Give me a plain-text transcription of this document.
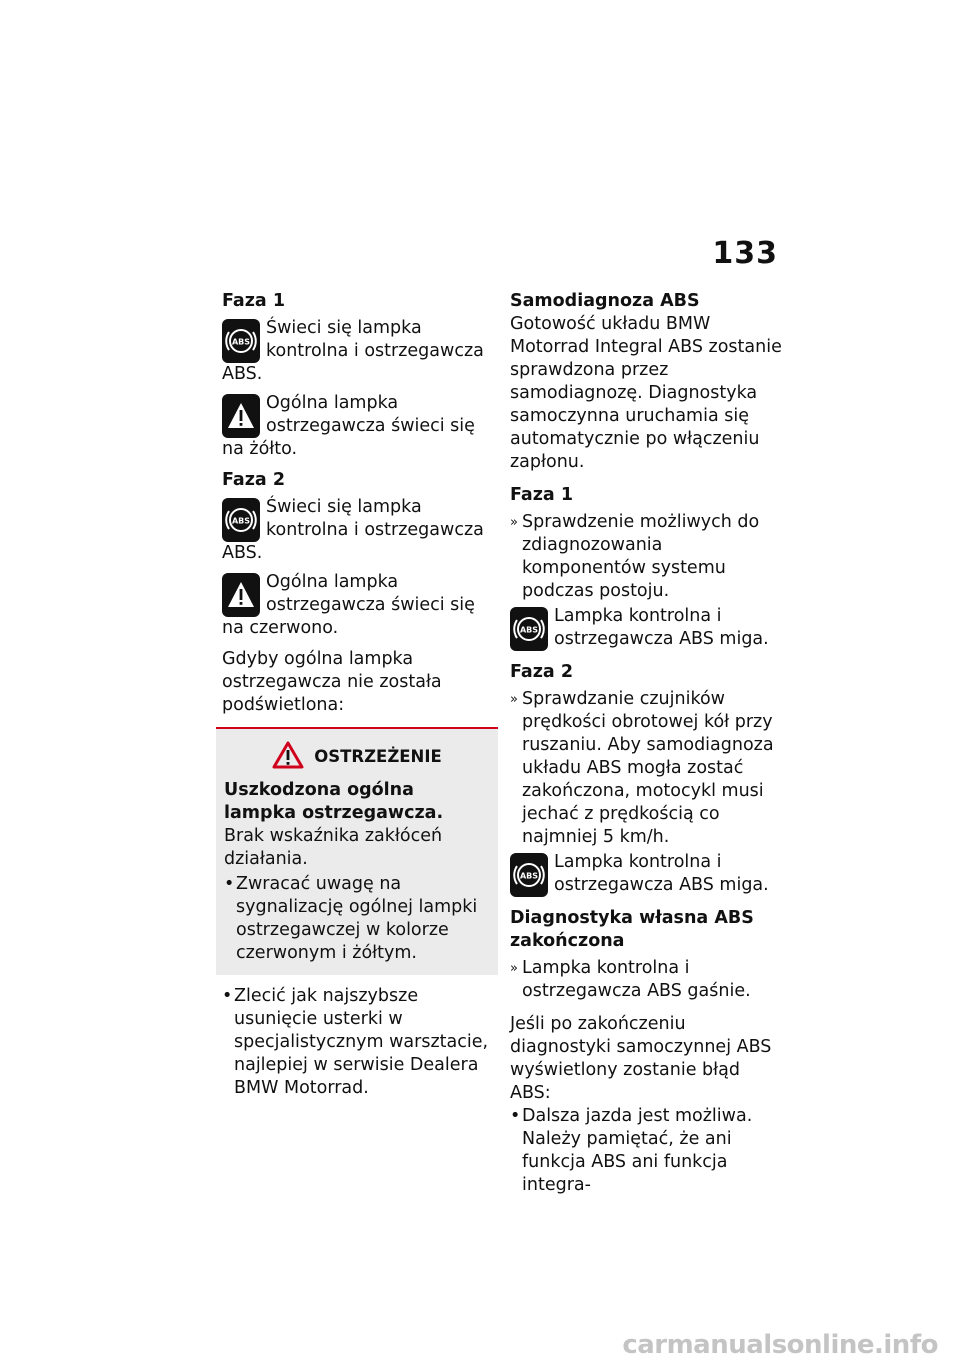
133
Faza 1
ABS
Świeci się lampka kontrolna i ostrzegawcza ABS.
Ogólna lampka ostrzegawcza świeci się na żółto.
Faza 2
ABS
Świeci się lampka kontrolna i ostrzegawcza ABS.
Ogólna lampka ostrzegawcza świeci się na czerwono.
Gdyby ogólna lampka ostrzegawcza nie została podświetlona:
OSTRZEŻENIE
Uszkodzona ogólna lampka ostrzegawcza.
Brak wskaźnika zakłóceń działania.
• Zwracać uwagę na sygnalizację ogólnej lampki ostrzegawczej w kolorze czerwonym i żółtym.
• Zlecić jak najszybsze usunięcie usterki w specjalistycznym warsztacie, najlepiej w serwisie Dealera BMW Motorrad.
Samodiagnoza ABS
Gotowość układu BMW Motorrad Integral ABS zostanie sprawdzona przez samodiagnozę. Diagnostyka samoczynna uruchamia się automatycznie po włączeniu zapłonu.
Faza 1
» Sprawdzenie możliwych do zdiagnozowania komponentów systemu podczas postoju.
ABS
Lampka kontrolna i ostrzegawcza ABS miga.
Faza 2
» Sprawdzanie czujników prędkości obrotowej kół przy ruszaniu. Aby samodiagnoza układu ABS mogła zostać zakończona, motocykl musi jechać z prędkością co najmniej 5 km/h.
ABS
Lampka kontrolna i ostrzegawcza ABS miga.
Diagnostyka własna ABS zakończona
» Lampka kontrolna i ostrzegawcza ABS gaśnie.
Jeśli po zakończeniu diagnostyki samoczynnej ABS wyświetlony zostanie błąd ABS:
• Dalsza jazda jest możliwa. Należy pamiętać, że ani funkcja ABS ani funkcja integra-
carmanualsonline.info
